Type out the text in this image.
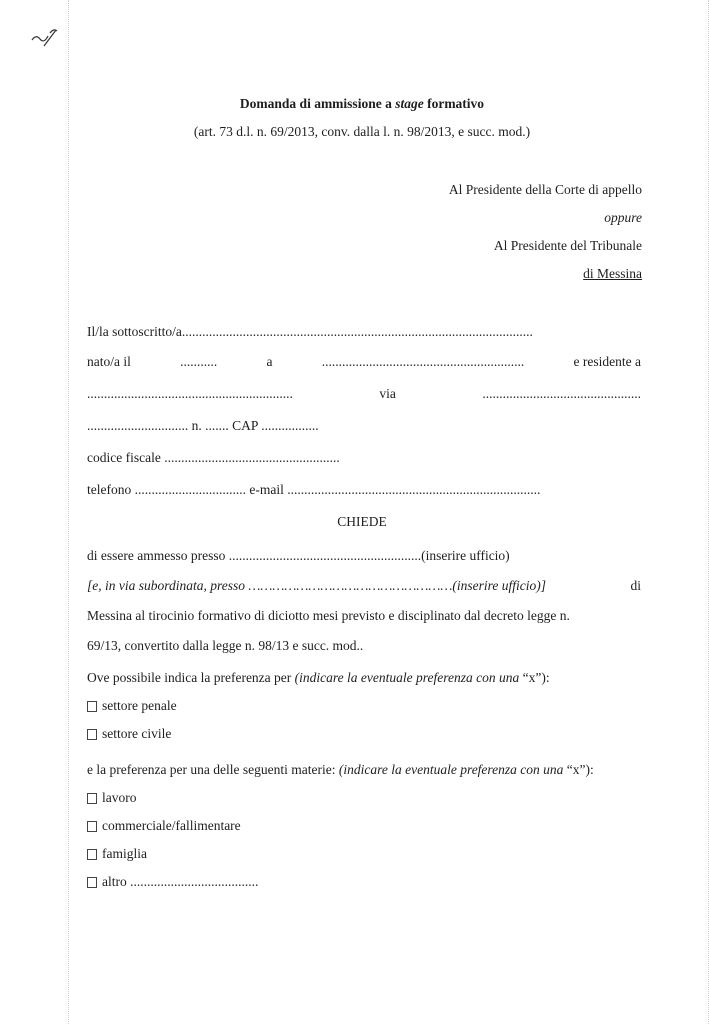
Domanda di ammissione a stage formativo
(art. 73 d.l. n. 69/2013, conv. dalla l. n. 98/2013, e succ. mod.)
Al Presidente della Corte di appello
oppure
Al Presidente del Tribunale
di Messina
Il/la sottoscritto/a........................................................................................................
nato/a il	...........	a	............................................................	e residente a
.............................................................	via	...............................................
.............................. n. ....... CAP .................
codice fiscale ....................................................
telefono ................................. e-mail ...........................................................................
CHIEDE
di essere ammesso presso .........................................................(inserire ufficio)
[e, in via subordinata, presso ……………………………………………(inserire ufficio)]	di
Messina al tirocinio formativo di diciotto mesi previsto e disciplinato dal decreto legge n.
69/13, convertito dalla legge n. 98/13 e succ. mod..
Ove possibile indica la preferenza per (indicare la eventuale preferenza con una “x”):
settore penale
settore civile
e la preferenza per una delle seguenti materie: (indicare la eventuale preferenza con una “x”):
lavoro
commerciale/fallimentare
famiglia
altro ......................................
